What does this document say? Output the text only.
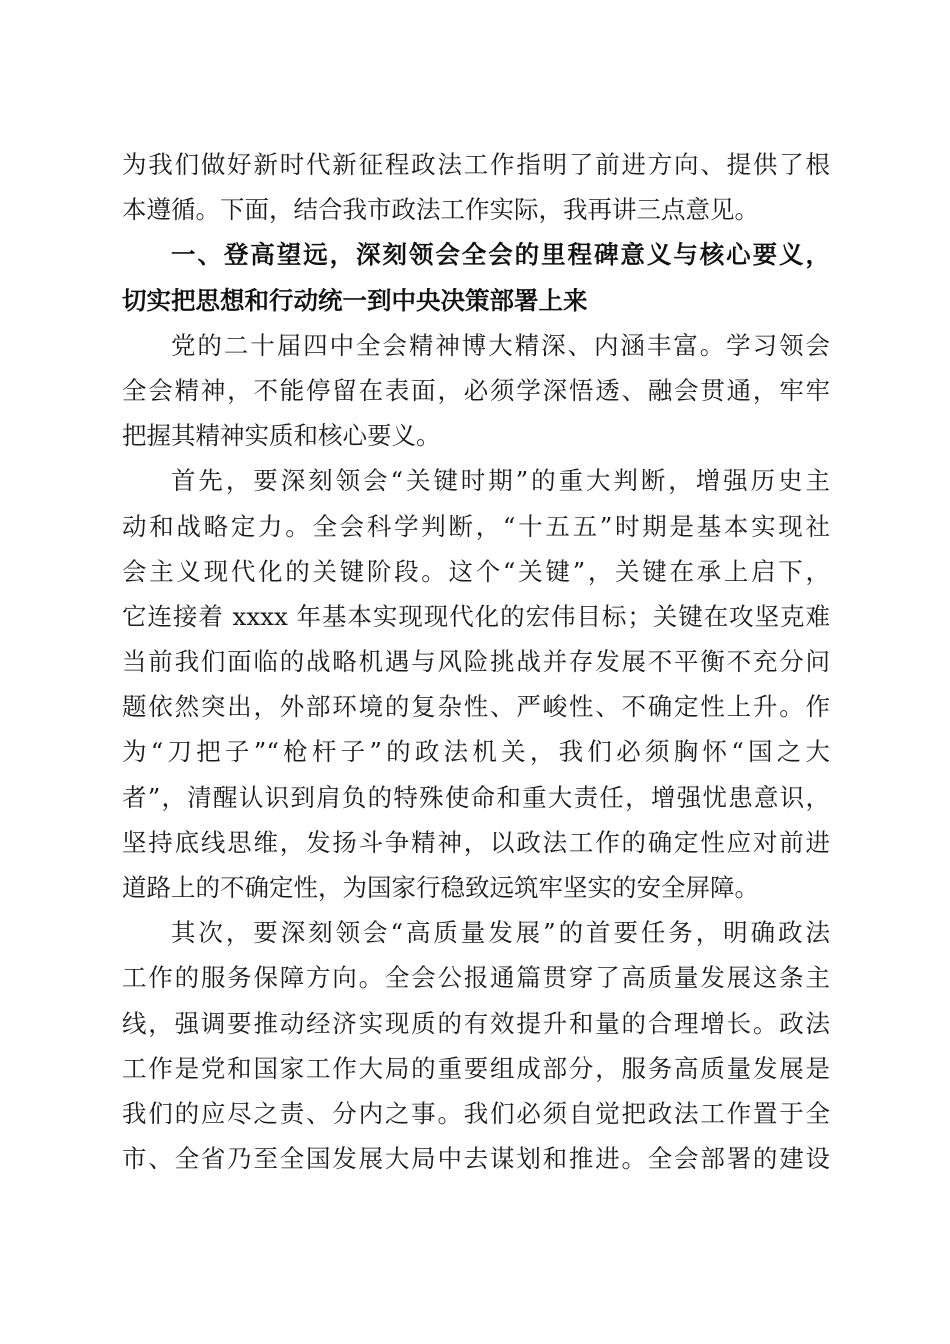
为我们做好新时代新征程政法工作指明了前进方向、提供了根
本遵循。下面，结合我市政法工作实际，我再讲三点意见。
一、登高望远，深刻领会全会的里程碑意义与核心要义，
切实把思想和行动统一到中央决策部署上来
党的二十届四中全会精神博大精深、内涵丰富。学习领会
全会精神，不能停留在表面，必须学深悟透、融会贯通，牢牢
把握其精神实质和核心要义。
首先，要深刻领会“关键时期”的重大判断，增强历史主
动和战略定力。全会科学判断，“十五五”时期是基本实现社
会主义现代化的关键阶段。这个“关键”，关键在承上启下，
它连接着 xxxx 年基本实现现代化的宏伟目标；关键在攻坚克难
当前我们面临的战略机遇与风险挑战并存发展不平衡不充分问
题依然突出，外部环境的复杂性、严峻性、不确定性上升。作
为“刀把子”“枪杆子”的政法机关，我们必须胸怀“国之大
者”，清醒认识到肩负的特殊使命和重大责任，增强忧患意识，
坚持底线思维，发扬斗争精神，以政法工作的确定性应对前进
道路上的不确定性，为国家行稳致远筑牢坚实的安全屏障。
其次，要深刻领会“高质量发展”的首要任务，明确政法
工作的服务保障方向。全会公报通篇贯穿了高质量发展这条主
线，强调要推动经济实现质的有效提升和量的合理增长。政法
工作是党和国家工作大局的重要组成部分，服务高质量发展是
我们的应尽之责、分内之事。我们必须自觉把政法工作置于全
市、全省乃至全国发展大局中去谋划和推进。全会部署的建设
